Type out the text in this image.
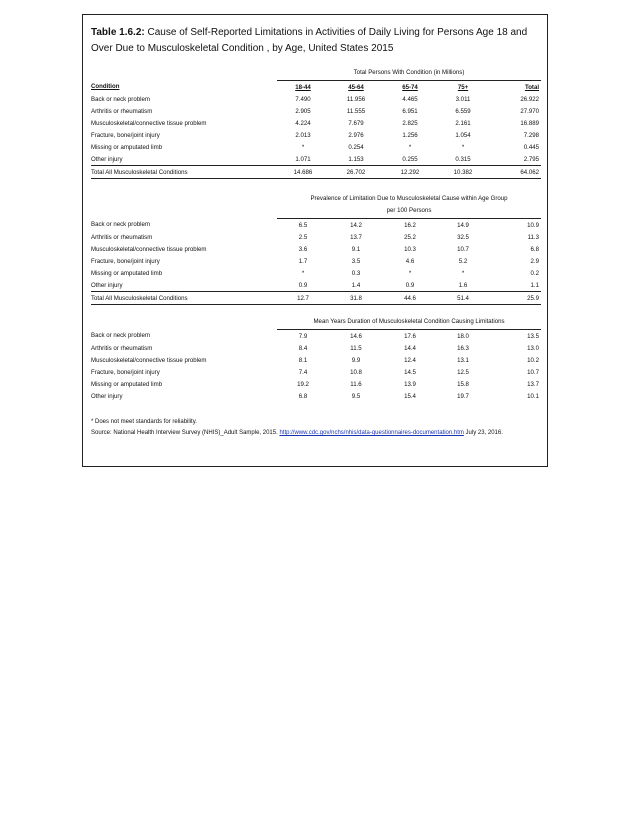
Table 1.6.2: Cause of Self-Reported Limitations in Activities of Daily Living for Persons Age 18 and Over Due to Musculoskeletal Condition , by Age, United States 2015
	Total Persons With Condition (in Millions)				
Condition	18-44	45-64	65-74	75+	Total
Back or neck problem	7.490	11.956	4.465	3.011	26.922
Arthritis or rheumatism	2.905	11.555	6.951	6.559	27.970
Musculoskeletal/connective tissue problem	4.224	7.679	2.825	2.161	16.889
Fracture, bone/joint injury	2.013	2.976	1.256	1.054	7.298
Missing or amputated limb	*	0.254	*	*	0.445
Other injury	1.071	1.153	0.255	0.315	2.795
Total All Musculoskeletal Conditions	14.686	26.702	12.292	10.382	64.062
	Prevalence of Limitation Due to Musculoskeletal Cause within Age Group				
	per 100 Persons				
Back or neck problem	6.5	14.2	16.2	14.9	10.9
Arthritis or rheumatism	2.5	13.7	25.2	32.5	11.3
Musculoskeletal/connective tissue problem	3.6	9.1	10.3	10.7	6.8
Fracture, bone/joint injury	1.7	3.5	4.6	5.2	2.9
Missing or amputated limb	*	0.3	*	*	0.2
Other injury	0.9	1.4	0.9	1.6	1.1
Total All Musculoskeletal Conditions	12.7	31.8	44.6	51.4	25.9
	Mean Years Duration of Musculoskeletal Condition Causing Limitations				
Back or neck problem	7.9	14.6	17.6	18.0	13.5
Arthritis or rheumatism	8.4	11.5	14.4	16.3	13.0
Musculoskeletal/connective tissue problem	8.1	9.9	12.4	13.1	10.2
Fracture, bone/joint injury	7.4	10.8	14.5	12.5	10.7
Missing or amputated limb	19.2	11.6	13.9	15.8	13.7
Other injury	6.8	9.5	15.4	19.7	10.1
* Does not meet standards for reliability.
Source: National Health Interview Survey (NHIS)_Adult Sample, 2015. http://www.cdc.gov/nchs/nhis/data-questionnaires-documentation.htm July 23, 2016.
